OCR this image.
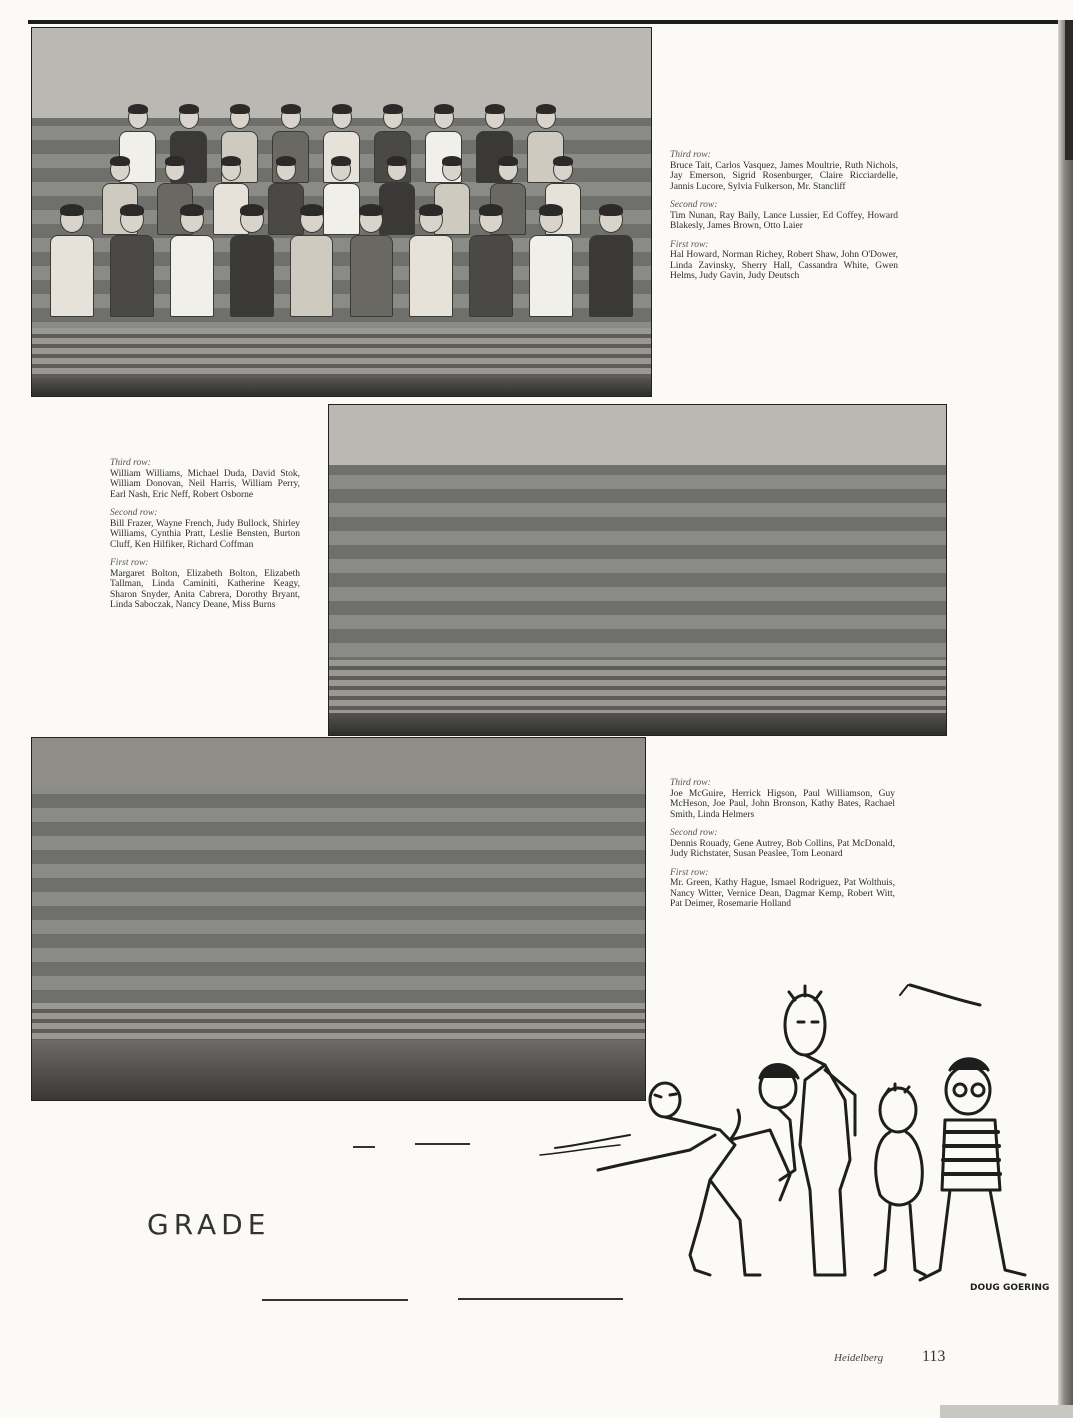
Third row:
Bruce Tait, Carlos Vasquez, James Moultrie, Ruth Nichols, Jay Emerson, Sigrid Rosenburger, Claire Ricciardelle, Jannis Lucore, Sylvia Fulkerson, Mr. Stancliff
Second row:
Tim Nunan, Ray Baily, Lance Lussier, Ed Coffey, Howard Blakesly, James Brown, Otto Laier
First row:
Hal Howard, Norman Richey, Robert Shaw, John O'Dower, Linda Zavinsky, Sherry Hall, Cassandra White, Gwen Helms, Judy Gavin, Judy Deutsch
Third row:
William Williams, Michael Duda, David Stok, William Donovan, Neil Harris, William Perry, Earl Nash, Eric Neff, Robert Osborne
Second row:
Bill Frazer, Wayne French, Judy Bullock, Shirley Williams, Cynthia Pratt, Leslie Bensten, Burton Cluff, Ken Hilfiker, Richard Coffman
First row:
Margaret Bolton, Elizabeth Bolton, Elizabeth Tallman, Linda Caminiti, Katherine Keagy, Sharon Snyder, Anita Cabrera, Dorothy Bryant, Linda Saboczak, Nancy Deane, Miss Burns
Third row:
Joe McGuire, Herrick Higson, Paul Williamson, Guy McHeson, Joe Paul, John Bronson, Kathy Bates, Rachael Smith, Linda Helmers
Second row:
Dennis Rouady, Gene Autrey, Bob Collins, Pat McDonald, Judy Richstater, Susan Peaslee, Tom Leonard
First row:
Mr. Green, Kathy Hague, Ismael Rodriguez, Pat Wolthuis, Nancy Witter, Vernice Dean, Dagmar Kemp, Robert Witt, Pat Deimer, Rosemarie Holland
GRADE
DOUG GOERING
Heidelberg 113
